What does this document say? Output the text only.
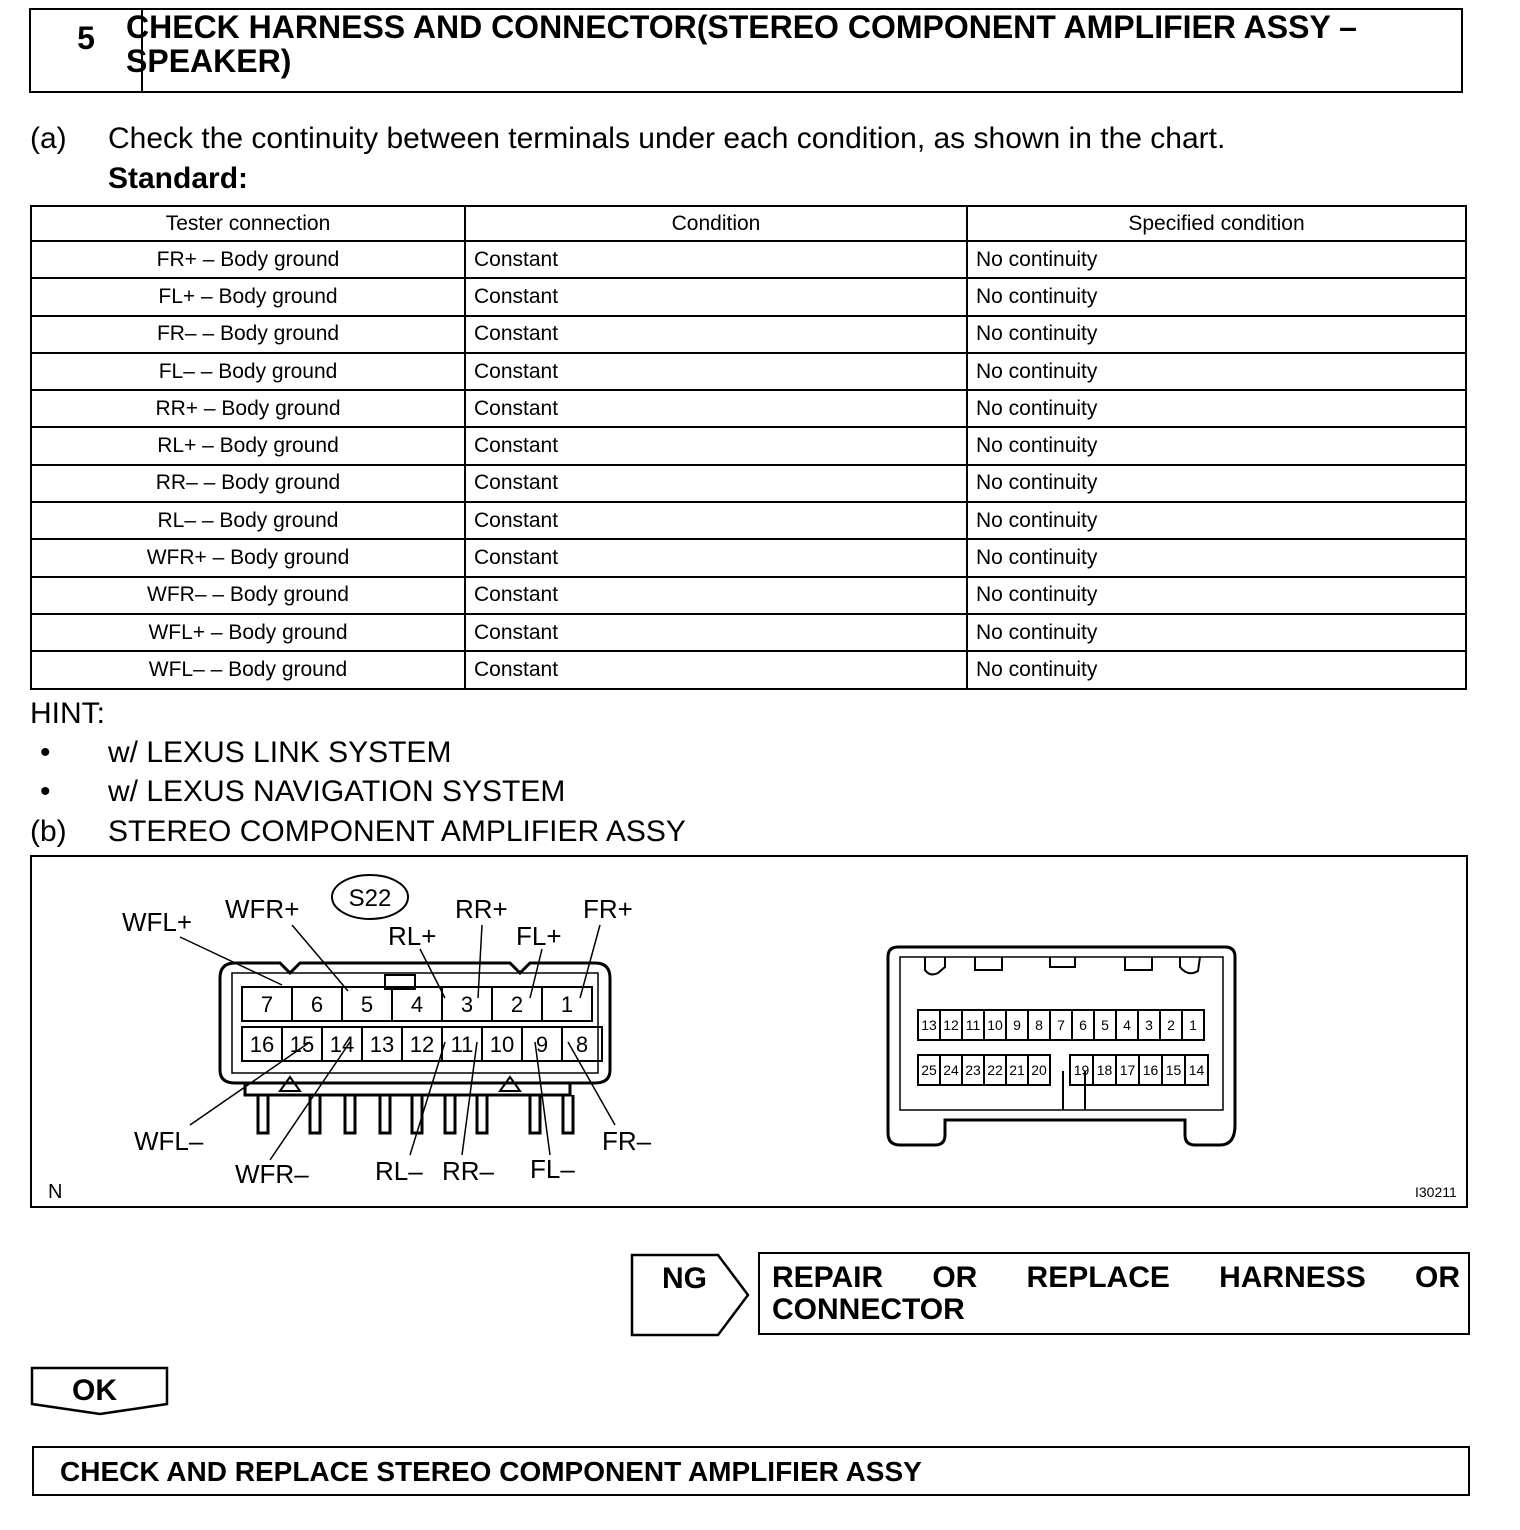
5 CHECK HARNESS AND CONNECTOR(STEREO COMPONENT AMPLIFIER ASSY – SPEAKER)
(a) Check the continuity between terminals under each condition, as shown in the chart.
Standard:
Tester connection	Condition	Specified condition
FR+ – Body ground	Constant	No continuity
FL+ – Body ground	Constant	No continuity
FR– – Body ground	Constant	No continuity
FL– – Body ground	Constant	No continuity
RR+ – Body ground	Constant	No continuity
RL+ – Body ground	Constant	No continuity
RR– – Body ground	Constant	No continuity
RL– – Body ground	Constant	No continuity
WFR+ – Body ground	Constant	No continuity
WFR– – Body ground	Constant	No continuity
WFL+ – Body ground	Constant	No continuity
WFL– – Body ground	Constant	No continuity
HINT:
• w/ LEXUS LINK SYSTEM
• w/ LEXUS NAVIGATION SYSTEM
(b) STEREO COMPONENT AMPLIFIER ASSY
S22
7 6 5 4 3 2 1
16 15 14 13 12 11 10 9 8
WFL+ WFR+
RL+
RR+
FL+
FR+
WFL–
WFR–	RL– RR– FL–
FR–
13 12 11 10 9 8 7 6 5 4 3 2 1
25 24 23 22 21 20 19 18 17 16 15 14
N	I30211
NG REPAIR OR REPLACE HARNESS OR CONNECTOR
OK
CHECK AND REPLACE STEREO COMPONENT AMPLIFIER ASSY
